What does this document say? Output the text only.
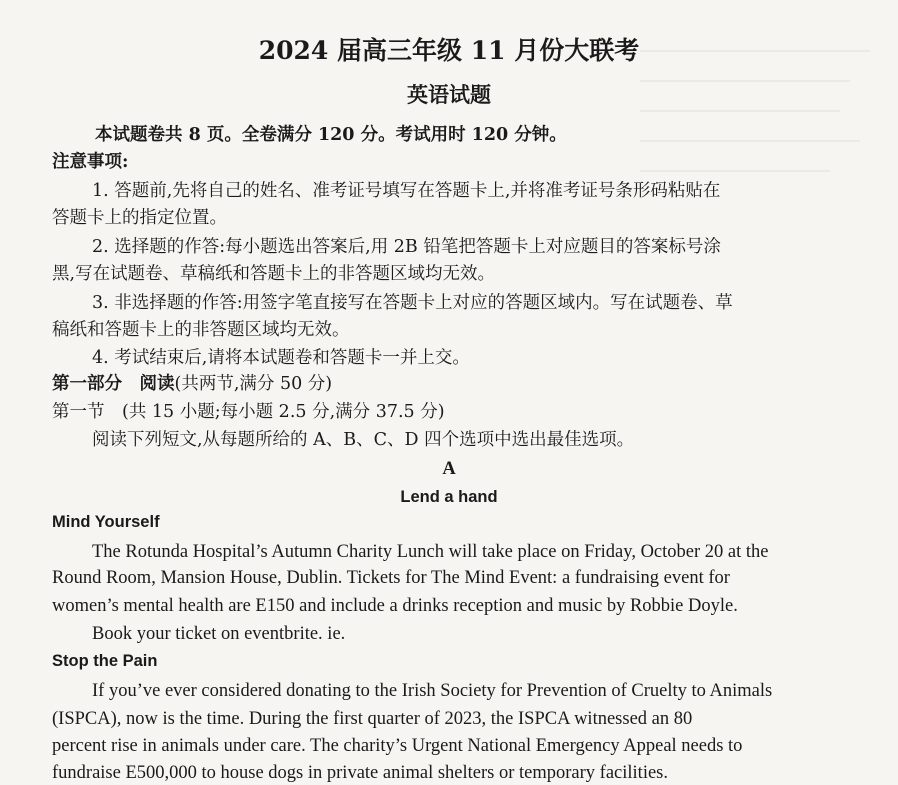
2024 届高三年级 11 月份大联考
英语试题
本试题卷共 8 页。全卷满分 120 分。考试用时 120 分钟。
注意事项:
1. 答题前,先将自己的姓名、准考证号填写在答题卡上,并将准考证号条形码粘贴在
答题卡上的指定位置。
2. 选择题的作答:每小题选出答案后,用 2B 铅笔把答题卡上对应题目的答案标号涂
黑,写在试题卷、草稿纸和答题卡上的非答题区域均无效。
3. 非选择题的作答:用签字笔直接写在答题卡上对应的答题区域内。写在试题卷、草
稿纸和答题卡上的非答题区域均无效。
4. 考试结束后,请将本试题卷和答题卡一并上交。
第一部分　阅读(共两节,满分 50 分)
第一节　(共 15 小题;每小题 2.5 分,满分 37.5 分)
阅读下列短文,从每题所给的 A、B、C、D 四个选项中选出最佳选项。
A
Lend a hand
Mind Yourself
The Rotunda Hospital’s Autumn Charity Lunch will take place on Friday, October 20 at the
Round Room, Mansion House, Dublin. Tickets for The Mind Event: a fundraising event for
women’s mental health are E150 and include a drinks reception and music by Robbie Doyle.
Book your ticket on eventbrite. ie.
Stop the Pain
If you’ve ever considered donating to the Irish Society for Prevention of Cruelty to Animals
(ISPCA), now is the time. During the first quarter of 2023, the ISPCA witnessed an 80
percent rise in animals under care. The charity’s Urgent National Emergency Appeal needs to
fundraise E500,000 to house dogs in private animal shelters or temporary facilities.
